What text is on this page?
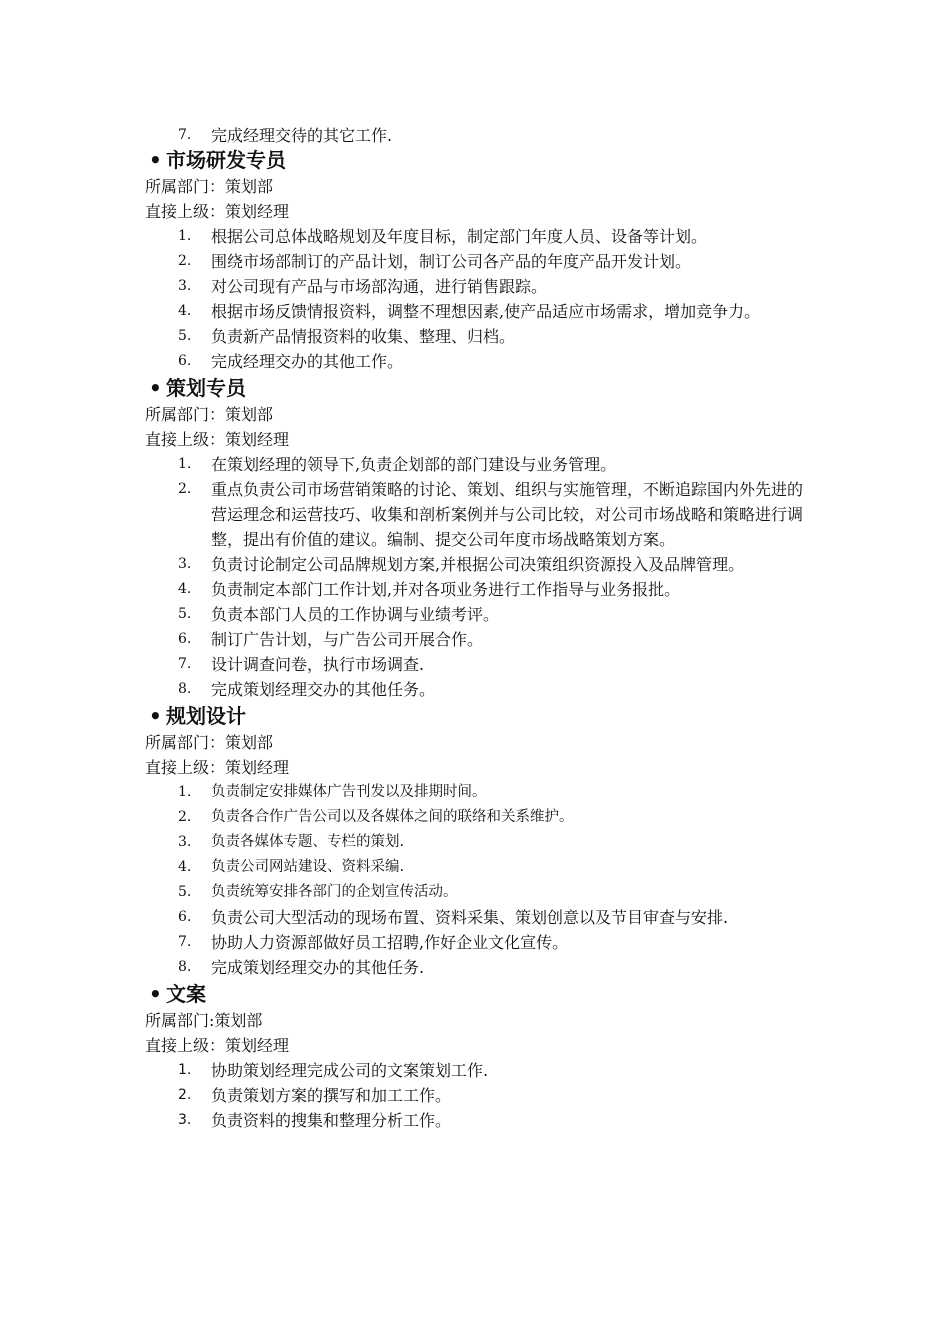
7.	完成经理交待的其它工作.
• 市场研发专员
所属部门：策划部
直接上级：策划经理
1.	根据公司总体战略规划及年度目标，制定部门年度人员、设备等计划。
2.	围绕市场部制订的产品计划，制订公司各产品的年度产品开发计划。
3.	对公司现有产品与市场部沟通，进行销售跟踪。
4.	根据市场反馈情报资料，调整不理想因素,使产品适应市场需求，增加竞争力。
5.	负责新产品情报资料的收集、整理、归档。
6.	完成经理交办的其他工作。
• 策划专员
所属部门：策划部
直接上级：策划经理
1.	在策划经理的领导下,负责企划部的部门建设与业务管理。
2.	重点负责公司市场营销策略的讨论、策划、组织与实施管理，不断追踪国内外先进的营运理念和运营技巧、收集和剖析案例并与公司比较，对公司市场战略和策略进行调整，提出有价值的建议。编制、提交公司年度市场战略策划方案。
3.	负责讨论制定公司品牌规划方案,并根据公司决策组织资源投入及品牌管理。
4.	负责制定本部门工作计划,并对各项业务进行工作指导与业务报批。
5.	负责本部门人员的工作协调与业绩考评。
6.	制订广告计划，与广告公司开展合作。
7.	设计调查问卷，执行市场调查.
8.	完成策划经理交办的其他任务。
• 规划设计
所属部门：策划部
直接上级：策划经理
1.	负责制定安排媒体广告刊发以及排期时间。
2.	负责各合作广告公司以及各媒体之间的联络和关系维护。
3.	负责各媒体专题、专栏的策划.
4.	负责公司网站建设、资料采编.
5.	负责统筹安排各部门的企划宣传活动。
6.	负责公司大型活动的现场布置、资料采集、策划创意以及节目审查与安排.
7.	协助人力资源部做好员工招聘,作好企业文化宣传。
8.	完成策划经理交办的其他任务.
• 文案
所属部门:策划部
直接上级：策划经理
1.	协助策划经理完成公司的文案策划工作.
2.	负责策划方案的撰写和加工工作。
3.	负责资料的搜集和整理分析工作。
